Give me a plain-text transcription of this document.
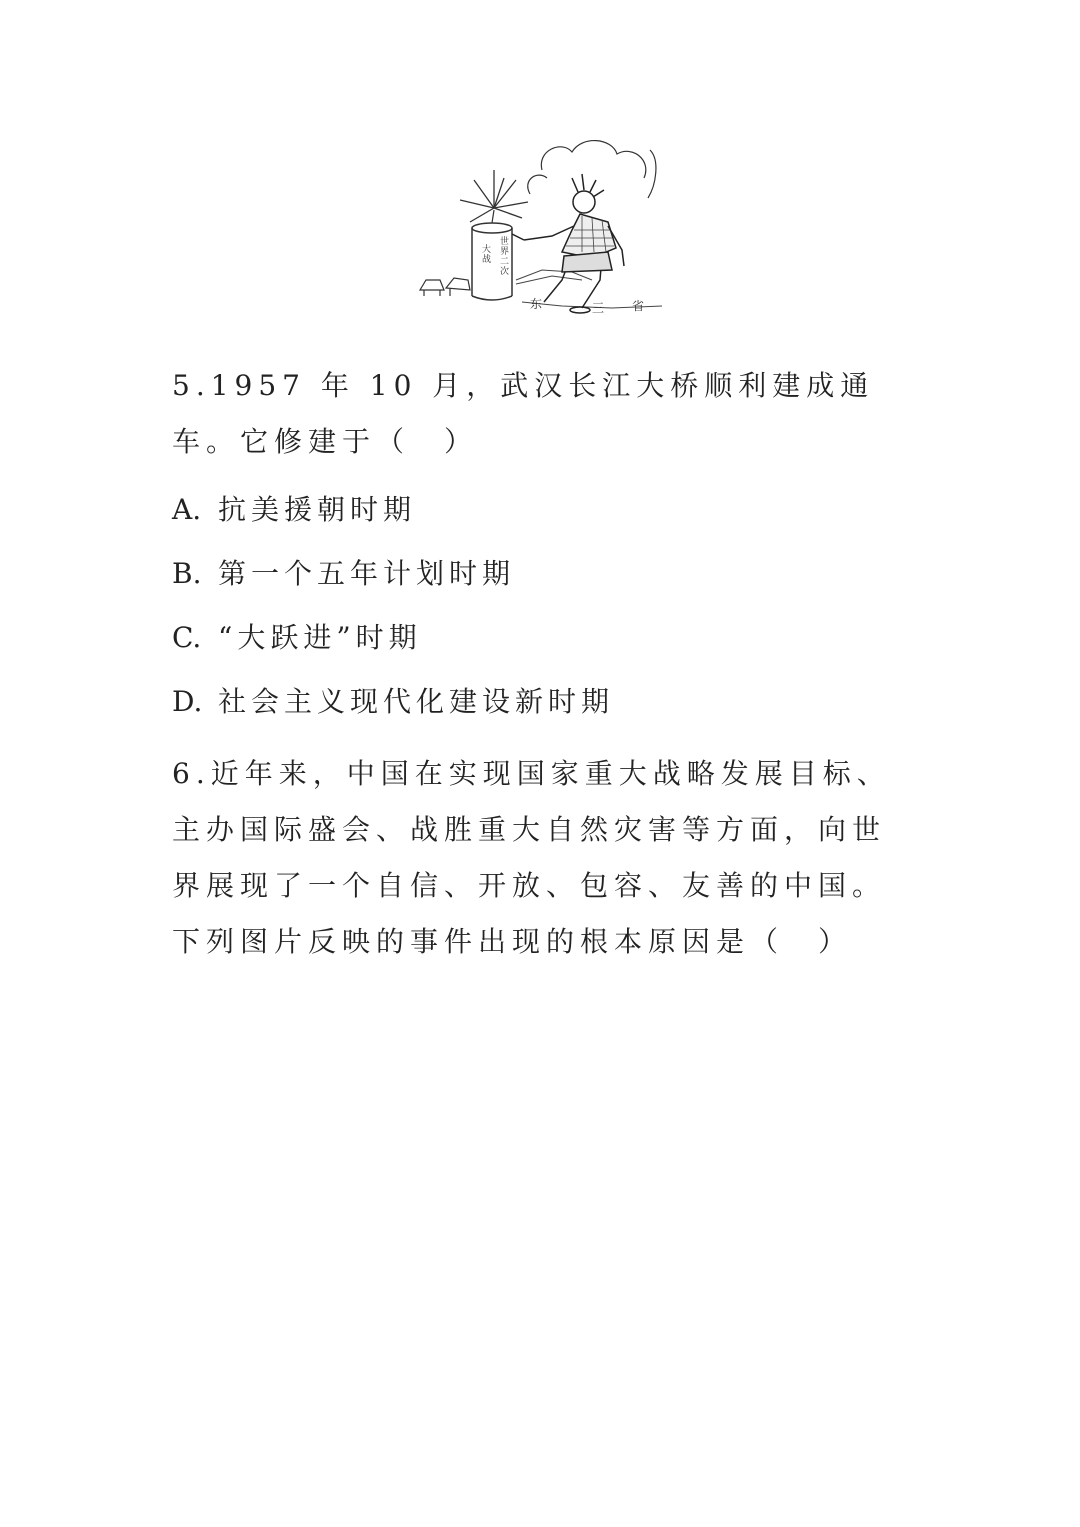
世界二次
大战
东	三 省
5.1957 年 10 月，武汉长江大桥顺利建成通车。它修建于（　）
A. 抗美援朝时期
B. 第一个五年计划时期
C. “大跃进”时期
D. 社会主义现代化建设新时期
6.近年来，中国在实现国家重大战略发展目标、主办国际盛会、战胜重大自然灾害等方面，向世界展现了一个自信、开放、包容、友善的中国。下列图片反映的事件出现的根本原因是（　）
